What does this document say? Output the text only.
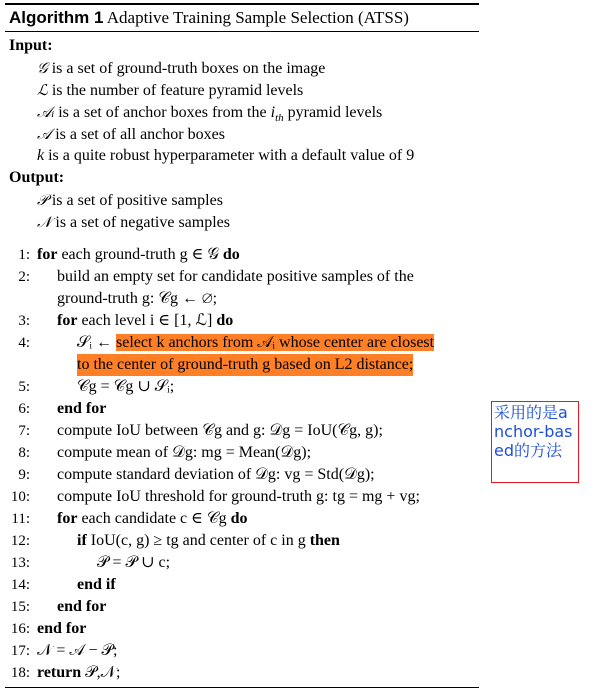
Algorithm 1 Adaptive Training Sample Selection (ATSS)
Input:
𝒢 is a set of ground-truth boxes on the image
ℒ is the number of feature pyramid levels
𝒜ᵢ is a set of anchor boxes from the $i_{th}$ pyramid levels
𝒜 is a set of all anchor boxes
k is a quite robust hyperparameter with a default value of 9
Output:
𝒫 is a set of positive samples
𝒩 is a set of negative samples
1: for each ground-truth g ∈ 𝒢 do
2: build an empty set for candidate positive samples of the
ground-truth g: 𝒞g ← ∅;
3: for each level i ∈ [1, ℒ] do
4:	𝒮ᵢ ← select k anchors from 𝒜ᵢ whose center are closest
to the center of ground-truth g based on L2 distance;
5:	𝒞g = 𝒞g ∪ 𝒮ᵢ;
6: end for
7: compute IoU between 𝒞g and g: 𝒟g = IoU(𝒞g, g);
8: compute mean of 𝒟g: mg = Mean(𝒟g);
9: compute standard deviation of 𝒟g: vg = Std(𝒟g);
10: compute IoU threshold for ground-truth g: tg = mg + vg;
11: for each candidate c ∈ 𝒞g do
12:	if IoU(c, g) ≥ tg and center of c in g then
13:	𝒫 = 𝒫 ∪ c;
14:	end if
15: end for
16: end for
17: 𝒩 = 𝒜 − 𝒫;
18: return 𝒫,𝒩;
采用的是anchor-based的方法
